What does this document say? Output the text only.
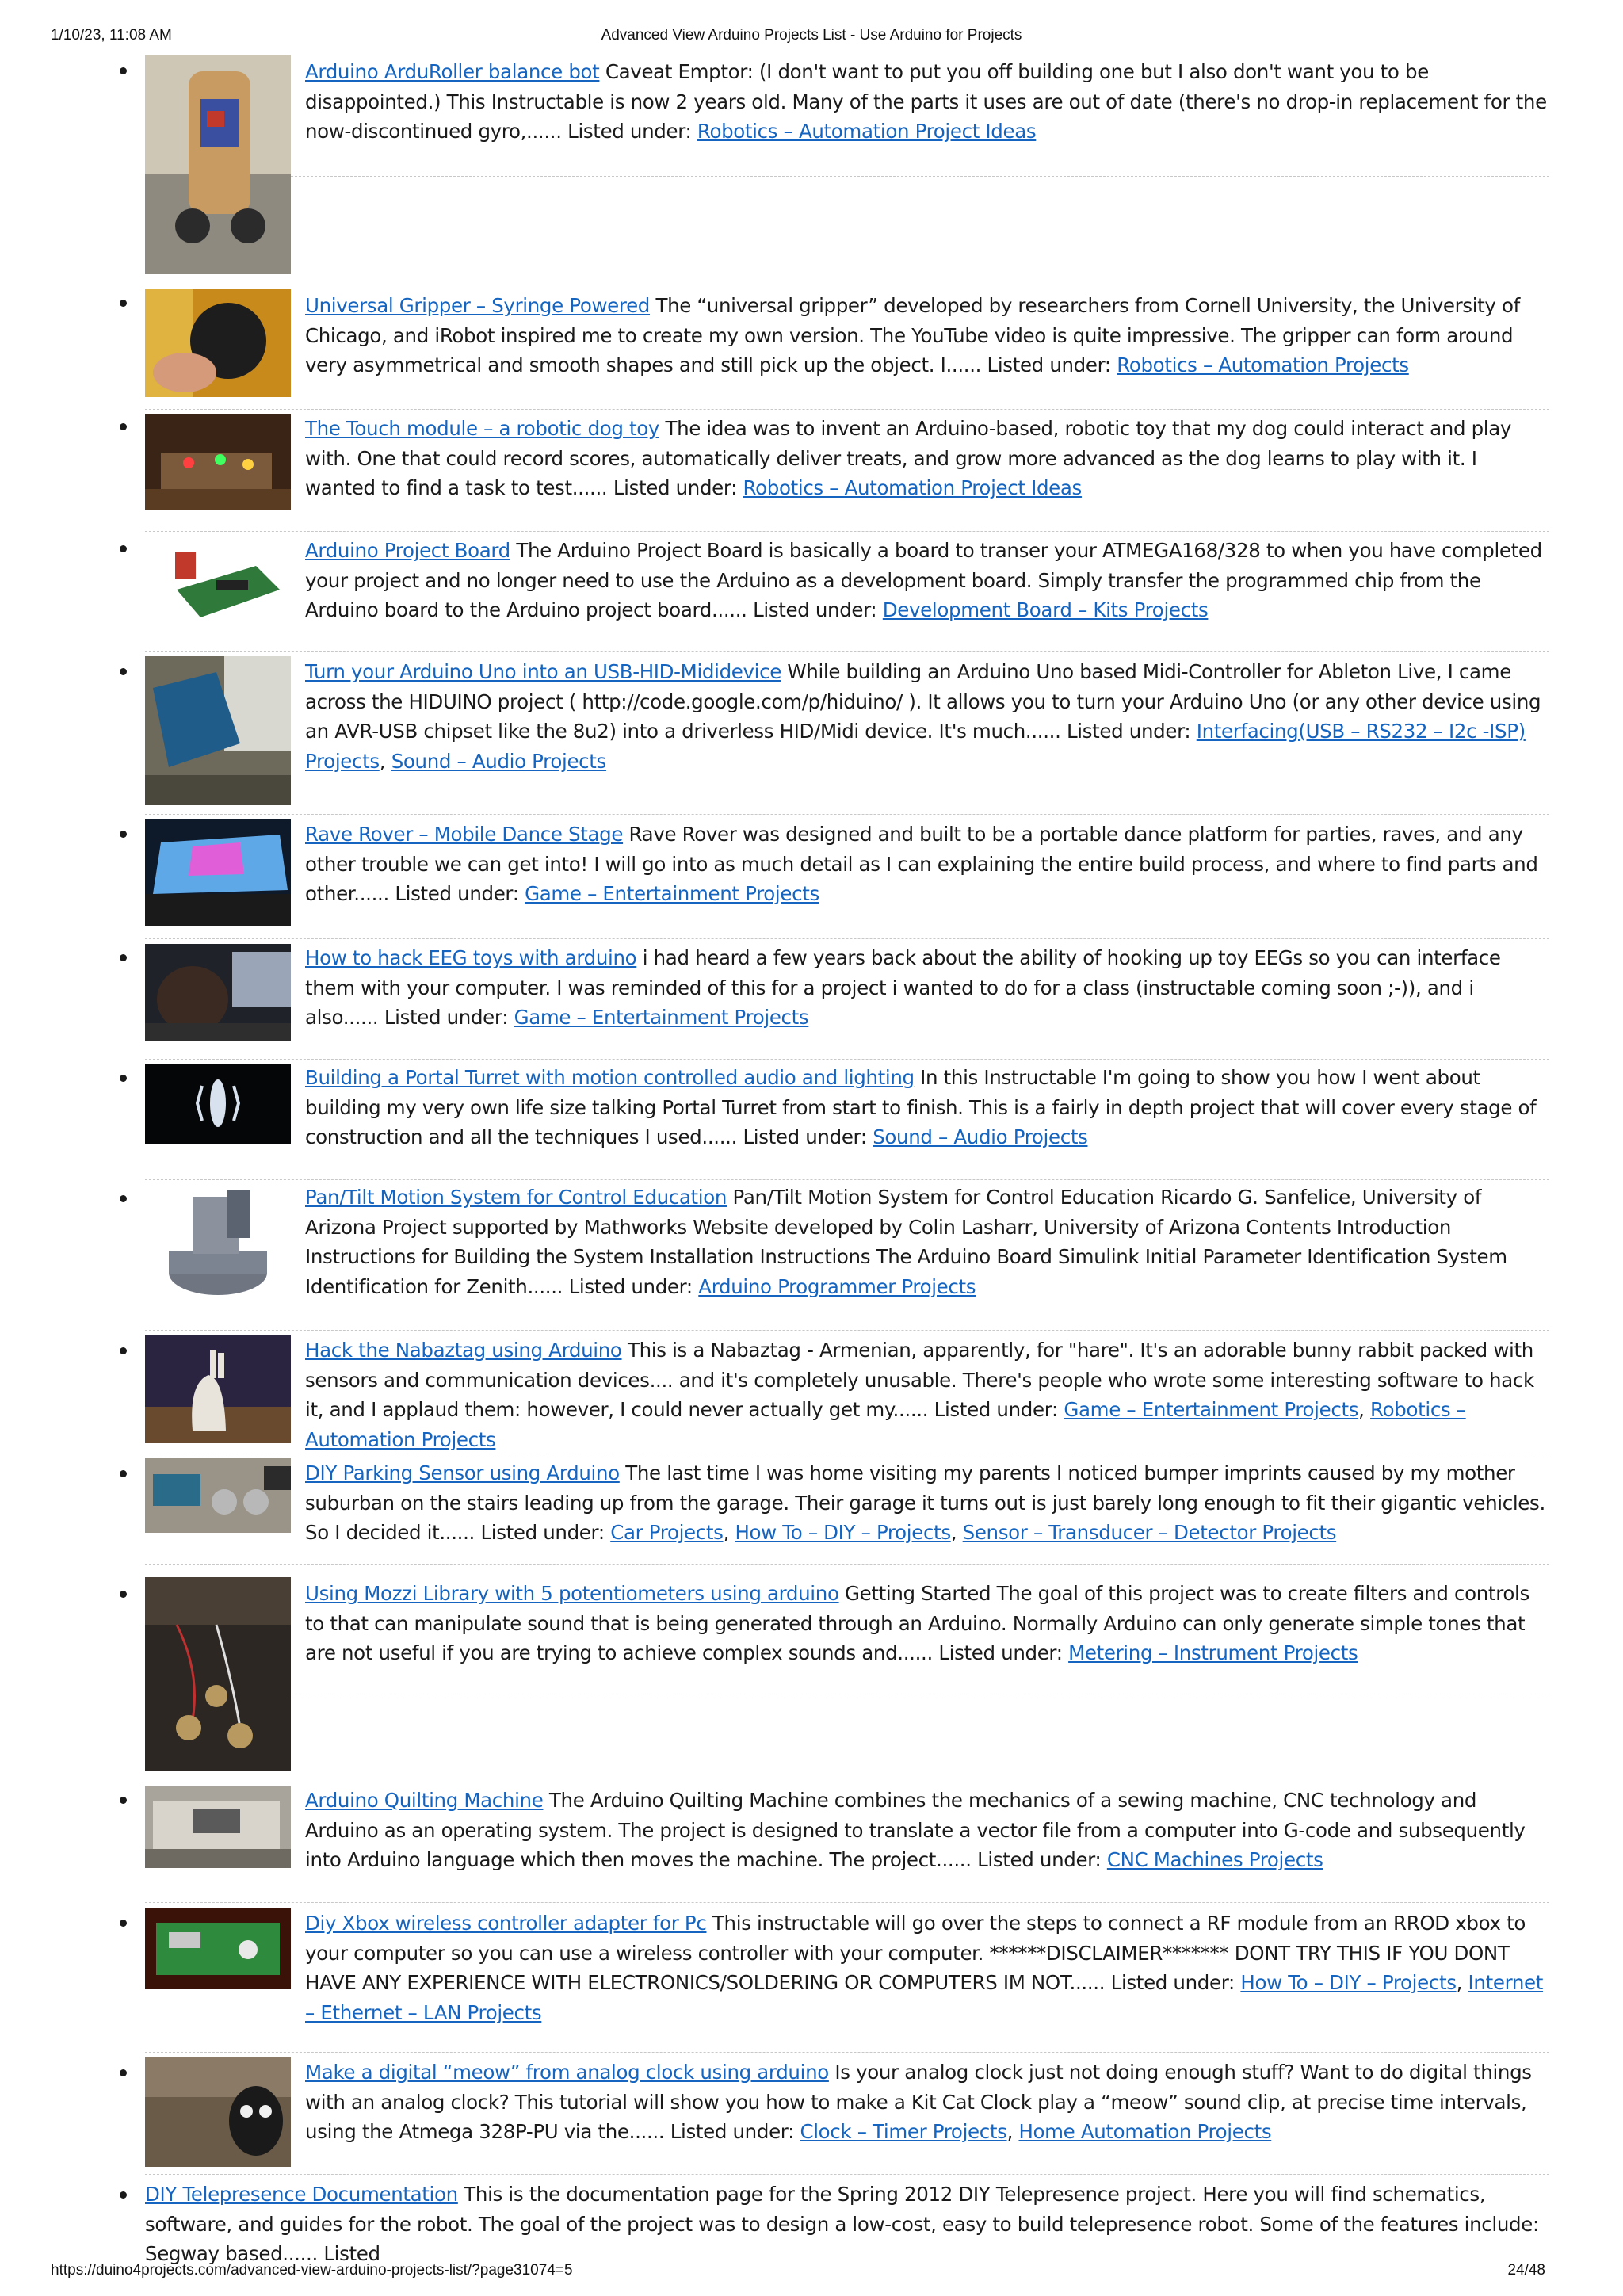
1/10/23, 11:08 AM	Advanced View Arduino Projects List - Use Arduino for Projects
Arduino ArduRoller balance bot Caveat Emptor: (I don't want to put you off building one but I also don't want you to be disappointed.) This Instructable is now 2 years old. Many of the parts it uses are out of date (there's no drop-in replacement for the now-discontinued gyro,...... Listed under: Robotics – Automation Project Ideas
Universal Gripper – Syringe Powered The “universal gripper” developed by researchers from Cornell University, the University of Chicago, and iRobot inspired me to create my own version. The YouTube video is quite impressive. The gripper can form around very asymmetrical and smooth shapes and still pick up the object. I...... Listed under: Robotics – Automation Projects
The Touch module – a robotic dog toy The idea was to invent an Arduino-based, robotic toy that my dog could interact and play with. One that could record scores, automatically deliver treats, and grow more advanced as the dog learns to play with it. I wanted to find a task to test...... Listed under: Robotics – Automation Project Ideas
Arduino Project Board The Arduino Project Board is basically a board to transer your ATMEGA168/328 to when you have completed your project and no longer need to use the Arduino as a development board. Simply transfer the programmed chip from the Arduino board to the Arduino project board...... Listed under: Development Board – Kits Projects
Turn your Arduino Uno into an USB-HID-Mididevice While building an Arduino Uno based Midi-Controller for Ableton Live, I came across the HIDUINO project ( http://code.google.com/p/hiduino/ ). It allows you to turn your Arduino Uno (or any other device using an AVR-USB chipset like the 8u2) into a driverless HID/Midi device. It's much...... Listed under: Interfacing(USB – RS232 – I2c -ISP) Projects, Sound – Audio Projects
Rave Rover – Mobile Dance Stage Rave Rover was designed and built to be a portable dance platform for parties, raves, and any other trouble we can get into! I will go into as much detail as I can explaining the entire build process, and where to find parts and other...... Listed under: Game – Entertainment Projects
How to hack EEG toys with arduino i had heard a few years back about the ability of hooking up toy EEGs so you can interface them with your computer. I was reminded of this for a project i wanted to do for a class (instructable coming soon ;-)), and i also...... Listed under: Game – Entertainment Projects
Building a Portal Turret with motion controlled audio and lighting In this Instructable I'm going to show you how I went about building my very own life size talking Portal Turret from start to finish. This is a fairly in depth project that will cover every stage of construction and all the techniques I used...... Listed under: Sound – Audio Projects
Pan/Tilt Motion System for Control Education Pan/Tilt Motion System for Control Education Ricardo G. Sanfelice, University of Arizona Project supported by Mathworks Website developed by Colin Lasharr, University of Arizona Contents Introduction Instructions for Building the System Installation Instructions The Arduino Board Simulink Initial Parameter Identification System Identification for Zenith...... Listed under: Arduino Programmer Projects
Hack the Nabaztag using Arduino This is a Nabaztag - Armenian, apparently, for "hare". It's an adorable bunny rabbit packed with sensors and communication devices.... and it's completely unusable. There's people who wrote some interesting software to hack it, and I applaud them: however, I could never actually get my...... Listed under: Game – Entertainment Projects, Robotics – Automation Projects
DIY Parking Sensor using Arduino The last time I was home visiting my parents I noticed bumper imprints caused by my mother suburban on the stairs leading up from the garage. Their garage it turns out is just barely long enough to fit their gigantic vehicles. So I decided it...... Listed under: Car Projects, How To – DIY – Projects, Sensor – Transducer – Detector Projects
Using Mozzi Library with 5 potentiometers using arduino Getting Started The goal of this project was to create filters and controls to that can manipulate sound that is being generated through an Arduino. Normally Arduino can only generate simple tones that are not useful if you are trying to achieve complex sounds and...... Listed under: Metering – Instrument Projects
Arduino Quilting Machine The Arduino Quilting Machine combines the mechanics of a sewing machine, CNC technology and Arduino as an operating system. The project is designed to translate a vector file from a computer into G-code and subsequently into Arduino language which then moves the machine. The project...... Listed under: CNC Machines Projects
Diy Xbox wireless controller adapter for Pc This instructable will go over the steps to connect a RF module from an RROD xbox to your computer so you can use a wireless controller with your computer. ******DISCLAIMER******* DONT TRY THIS IF YOU DONT HAVE ANY EXPERIENCE WITH ELECTRONICS/SOLDERING OR COMPUTERS IM NOT...... Listed under: How To – DIY – Projects, Internet – Ethernet – LAN Projects
Make a digital “meow” from analog clock using arduino Is your analog clock just not doing enough stuff? Want to do digital things with an analog clock? This tutorial will show you how to make a Kit Cat Clock play a “meow” sound clip, at precise time intervals, using the Atmega 328P-PU via the...... Listed under: Clock – Timer Projects, Home Automation Projects
DIY Telepresence Documentation This is the documentation page for the Spring 2012 DIY Telepresence project. Here you will find schematics, software, and guides for the robot. The goal of the project was to design a low-cost, easy to build telepresence robot. Some of the features include: Segway based...... Listed
https://duino4projects.com/advanced-view-arduino-projects-list/?page31074=5	24/48
